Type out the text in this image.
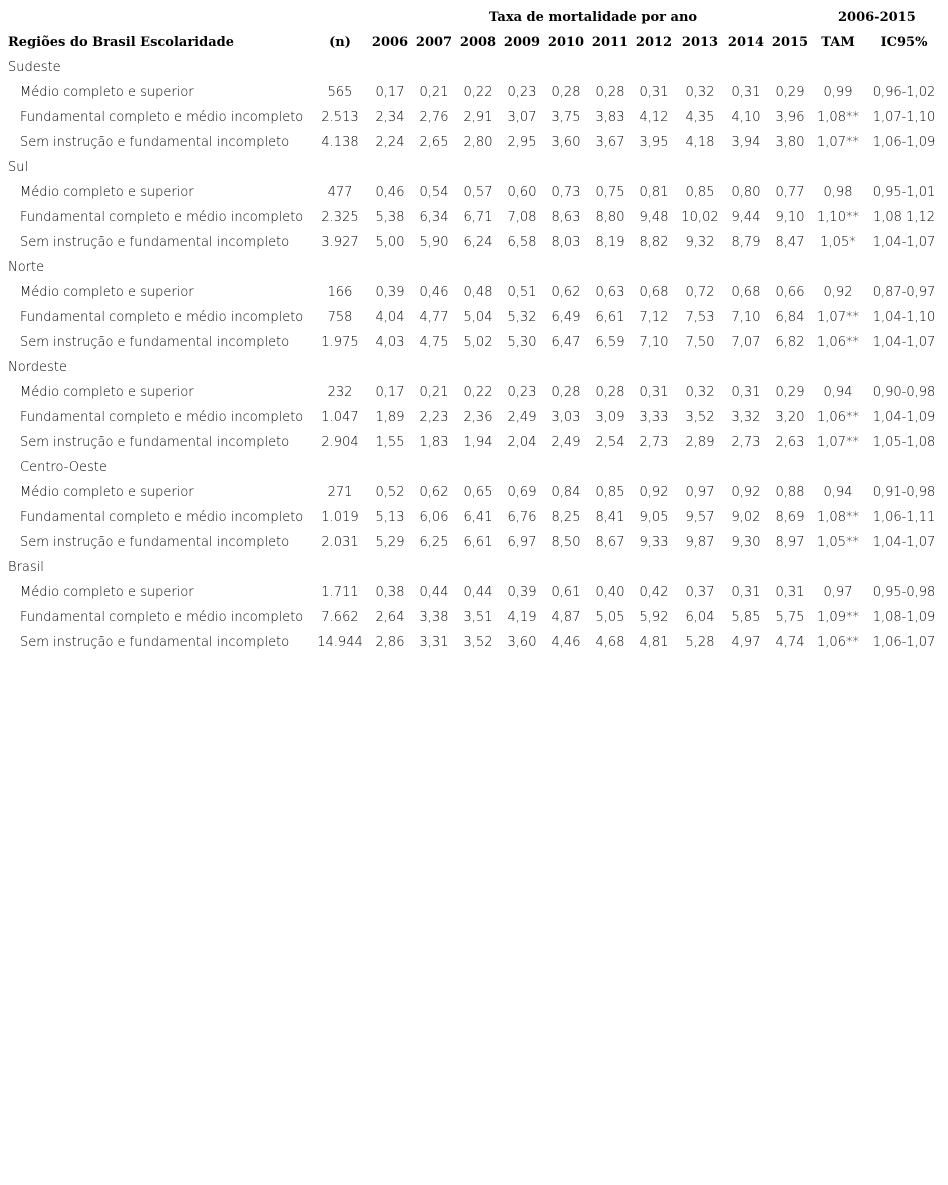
Taxa de mortalidade por ano	2006-2015
Regiões do Brasil Escolaridade	(n)	2006 2007 2008 2009 2010 2011 2012 2013 2014 2015	TAM	IC95%
Sudeste
Médio completo e superior	565	0,17	0,21	0,22	0,23	0,28	0,28	0,31	0,32	0,31	0,29	0,99	0,96-1,02
Fundamental completo e médio incompleto	2.513	2,34	2,76	2,91	3,07	3,75	3,83	4,12	4,35	4,10	3,96 1,08**	1,07-1,10
Sem instrução e fundamental incompleto	4.138	2,24	2,65	2,80	2,95	3,60	3,67	3,95	4,18	3,94	3,80 1,07**	1,06-1,09
Sul
Médio completo e superior	477	0,46	0,54	0,57	0,60	0,73	0,75	0,81	0,85	0,80	0,77	0,98	0,95-1,01
Fundamental completo e médio incompleto	2.325	5,38	6,34	6,71	7,08	8,63	8,80	9,48 10,02 9,44	9,10 1,10**	1,08 1,12
Sem instrução e fundamental incompleto	3.927	5,00	5,90	6,24	6,58	8,03	8,19	8,82	9,32	8,79	8,47	1,05*	1,04-1,07
Norte
Médio completo e superior	166	0,39	0,46	0,48	0,51	0,62	0,63	0,68	0,72	0,68	0,66	0,92	0,87-0,97
Fundamental completo e médio incompleto	758	4,04	4,77	5,04	5,32	6,49	6,61	7,12	7,53	7,10	6,84 1,07**	1,04-1,10
Sem instrução e fundamental incompleto	1.975	4,03	4,75	5,02	5,30	6,47	6,59	7,10	7,50	7,07	6,82 1,06**	1,04-1,07
Nordeste
Médio completo e superior	232	0,17	0,21	0,22	0,23	0,28	0,28	0,31	0,32	0,31	0,29	0,94	0,90-0,98
Fundamental completo e médio incompleto	1.047	1,89	2,23	2,36	2,49	3,03	3,09	3,33	3,52	3,32	3,20 1,06**	1,04-1,09
Sem instrução e fundamental incompleto	2.904	1,55	1,83	1,94	2,04	2,49	2,54	2,73	2,89	2,73	2,63 1,07**	1,05-1,08
Centro-Oeste
Médio completo e superior	271	0,52	0,62	0,65	0,69	0,84	0,85	0,92	0,97	0,92	0,88	0,94	0,91-0,98
Fundamental completo e médio incompleto	1.019	5,13	6,06	6,41	6,76	8,25	8,41	9,05	9,57	9,02	8,69 1,08**	1,06-1,11
Sem instrução e fundamental incompleto	2.031	5,29	6,25	6,61	6,97	8,50	8,67	9,33	9,87	9,30	8,97 1,05**	1,04-1,07
Brasil
Médio completo e superior	1.711	0,38	0,44	0,44	0,39	0,61	0,40	0,42	0,37	0,31	0,31	0,97	0,95-0,98
Fundamental completo e médio incompleto	7.662	2,64	3,38	3,51	4,19	4,87	5,05	5,92	6,04	5,85	5,75 1,09**	1,08-1,09
Sem instrução e fundamental incompleto	14.944 2,86	3,31	3,52	3,60	4,46	4,68	4,81	5,28	4,97	4,74 1,06**	1,06-1,07
